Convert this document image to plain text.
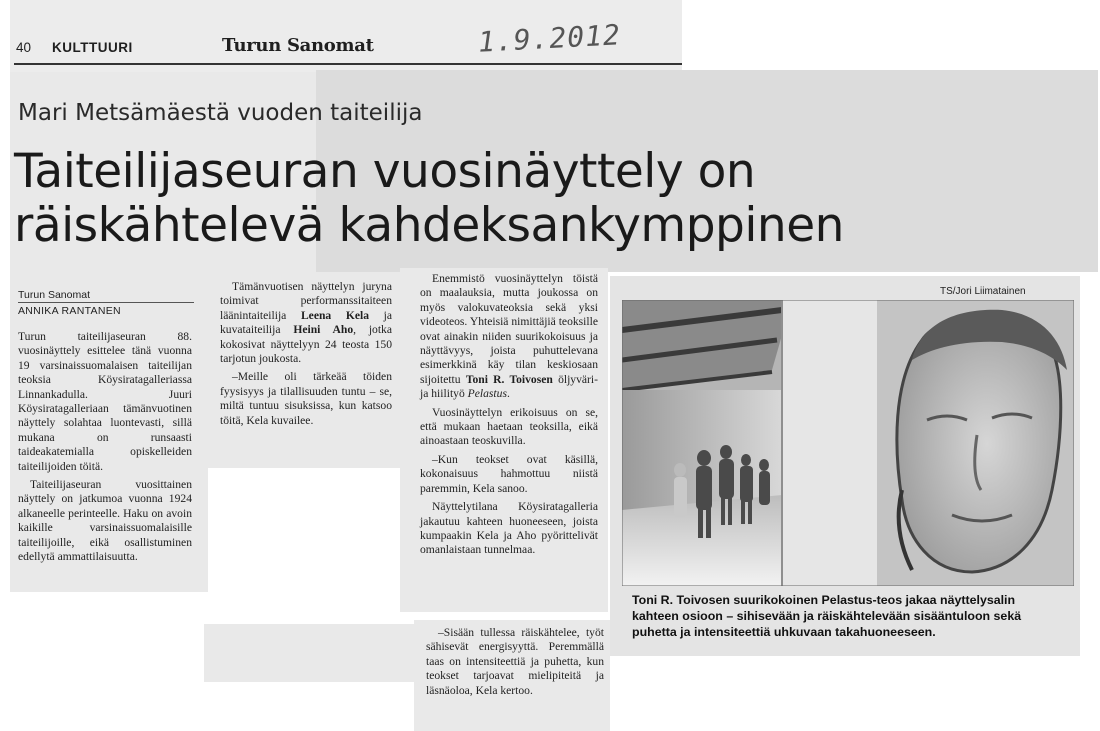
40 KULTTUURI	Turun Sanomat	1.9.2012
Mari Metsämäestä vuoden taiteilija
Taiteilijaseuran vuosinäyttely on
räiskähtelevä kahdeksankymppinen
Turun Sanomat
ANNIKA RANTANEN

Turun taiteilijaseuran 88. vuosinäyttely esittelee tänä vuonna 19 varsinaissuomalaisen taiteilijan teoksia Köysiratagalleriassa Linnankadulla. Juuri Köysiratagalleriaan tämänvuotinen näyttely solahtaa luontevasti, sillä mukana on runsaasti taideakatemialla opiskelleiden taiteilijoiden töitä.

Taiteilijaseuran vuosittainen näyttely on jatkumoa vuonna 1924 alkaneelle perinteelle. Haku on avoin kaikille varsinaissuomalaisille taiteilijoille, eikä osallistuminen edellytä ammattilaisuutta.

Tämänvuotisen näyttelyn juryna toimivat performanssitaiteen läänintaiteilija Leena Kela ja kuvataiteilija Heini Aho, jotka kokosivat näyttelyyn 24 teosta 150 tarjotun joukosta.

–Meille oli tärkeää töiden fyysisyys ja tilallisuuden tuntu – se, miltä tuntuu sisuksissa, kun katsoo töitä, Kela kuvailee.

Enemmistö vuosinäyttelyn töistä on maalauksia, mutta joukossa on myös valokuvateoksia sekä yksi videoteos. Yhteisiä nimittäjiä teoksille ovat ainakin niiden suurikokoisuus ja näyttävyys, joista puhuttelevana esimerkkinä käy tilan keskiosaan sijoitettu Toni R. Toivosen öljyväri- ja hiilityö Pelastus.

Vuosinäyttelyn erikoisuus on se, että mukaan haetaan teoksilla, eikä ainoastaan teoskuvilla.

–Kun teokset ovat käsillä, kokonaisuus hahmottuu niistä paremmin, Kela sanoo.

Näyttelytilana Köysiratagalleria jakautuu kahteen huoneeseen, joista kumpaakin Kela ja Aho pyörittelivät omanlaistaan tunnelmaa.

–Sisään tullessa räiskähtelee, työt sähisevät energisyyttä. Peremmällä taas on intensiteettiä ja puhetta, kun teokset tarjoavat mielipiteitä ja läsnäoloa, Kela kertoo.

TS/Jori Liimatainen
Toni R. Toivosen suurikokoinen Pelastus-teos jakaa näyttelysalin kahteen osioon – sihisevään ja räiskähtelevään sisääntuloon sekä puhetta ja intensiteettiä uhkuvaan takahuoneeseen.
